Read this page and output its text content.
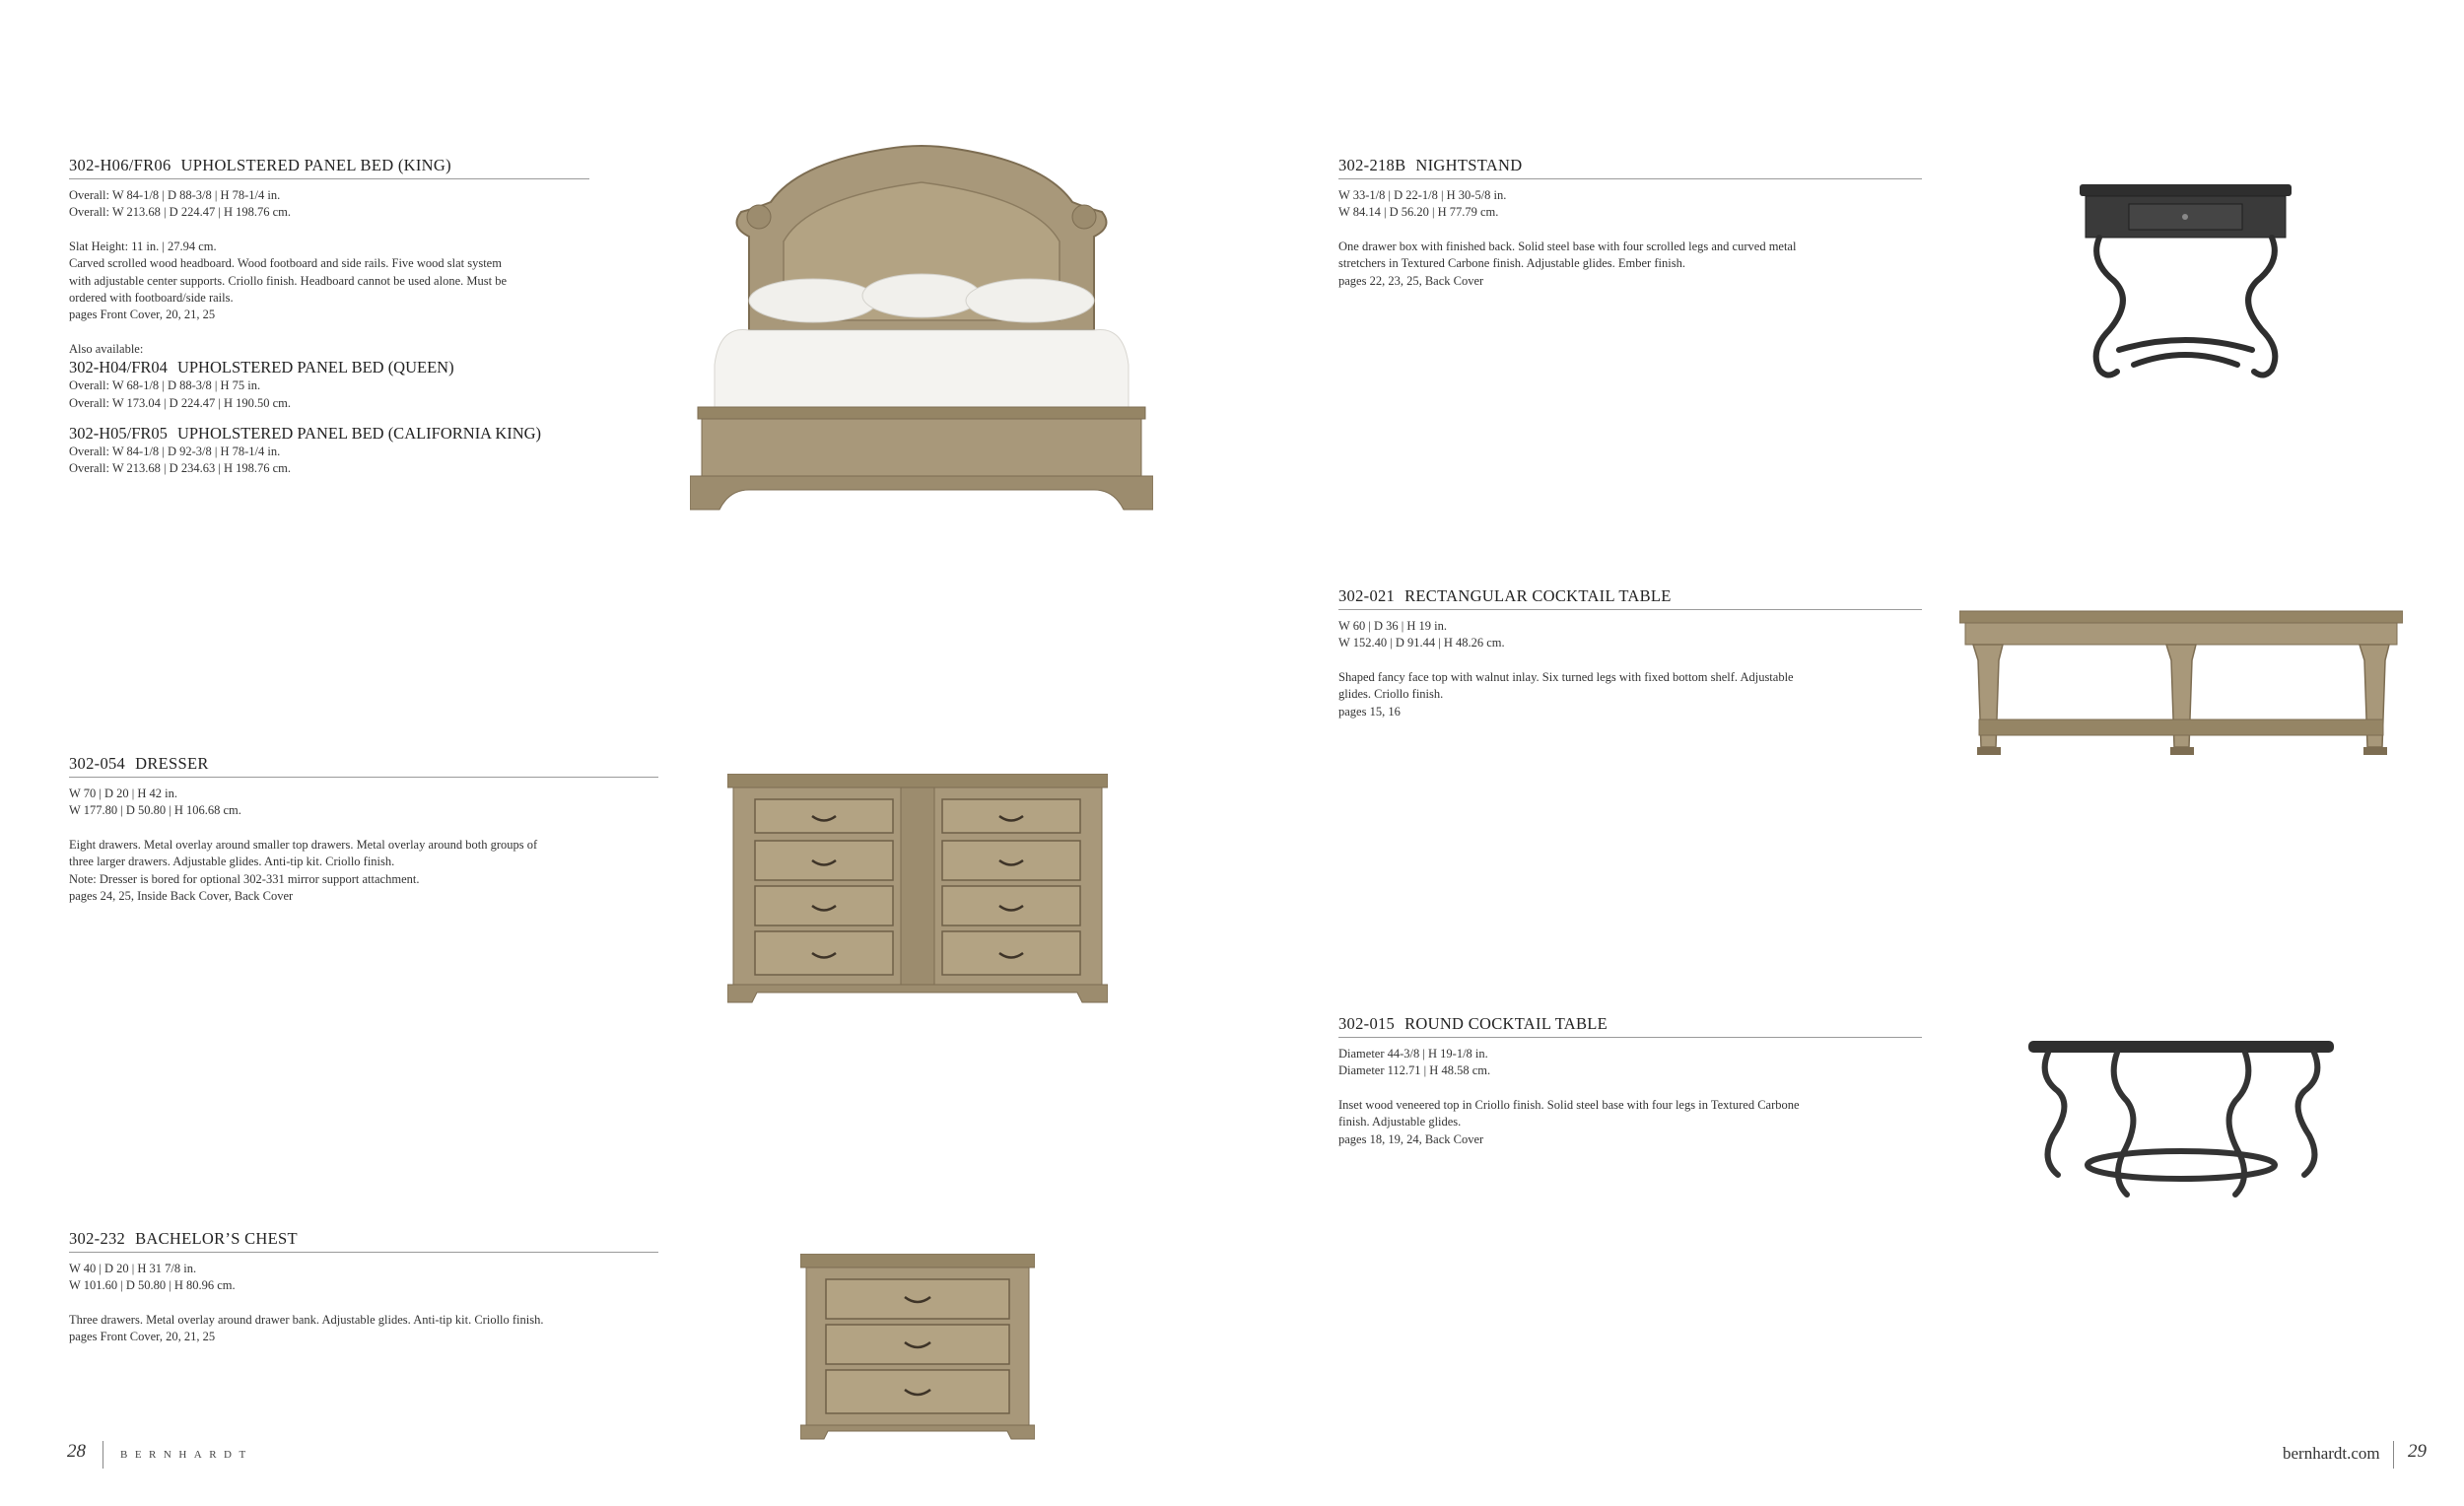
302-H06/FR06 UPHOLSTERED PANEL BED (KING)
Overall: W 84-1/8 | D 88-3/8 | H 78-1/4 in.
Overall: W 213.68 | D 224.47 | H 198.76 cm.
Slat Height: 11 in. | 27.94 cm.
Carved scrolled wood headboard. Wood footboard and side rails. Five wood slat system
with adjustable center supports. Criollo finish. Headboard cannot be used alone. Must be
ordered with footboard/side rails.
pages Front Cover, 20, 21, 25
Also available:
302-H04/FR04 UPHOLSTERED PANEL BED (QUEEN)
Overall: W 68-1/8 | D 88-3/8 | H 75 in.
Overall: W 173.04 | D 224.47 | H 190.50 cm.
302-H05/FR05 UPHOLSTERED PANEL BED (CALIFORNIA KING)
Overall: W 84-1/8 | D 92-3/8 | H 78-1/4 in.
Overall: W 213.68 | D 234.63 | H 198.76 cm.
302-054 DRESSER
W 70 | D 20 | H 42 in.
W 177.80 | D 50.80 | H 106.68 cm.
Eight drawers. Metal overlay around smaller top drawers. Metal overlay around both groups of
three larger drawers. Adjustable glides. Anti-tip kit. Criollo finish.
Note: Dresser is bored for optional 302-331 mirror support attachment.
pages 24, 25, Inside Back Cover, Back Cover
302-232 BACHELOR’S CHEST
W 40 | D 20 | H 31 7/8 in.
W 101.60 | D 50.80 | H 80.96 cm.
Three drawers. Metal overlay around drawer bank. Adjustable glides. Anti-tip kit. Criollo finish.
pages Front Cover, 20, 21, 25
28	BERNHARDT
302-218B NIGHTSTAND
W 33-1/8 | D 22-1/8 | H 30-5/8 in.
W 84.14 | D 56.20 | H 77.79 cm.
One drawer box with finished back. Solid steel base with four scrolled legs and curved metal
stretchers in Textured Carbone finish. Adjustable glides. Ember finish.
pages 22, 23, 25, Back Cover
302-021 RECTANGULAR COCKTAIL TABLE
W 60 | D 36 | H 19 in.
W 152.40 | D 91.44 | H 48.26 cm.
Shaped fancy face top with walnut inlay. Six turned legs with fixed bottom shelf. Adjustable
glides. Criollo finish.
pages 15, 16
302-015 ROUND COCKTAIL TABLE
Diameter 44-3/8 | H 19-1/8 in.
Diameter 112.71 | H 48.58 cm.
Inset wood veneered top in Criollo finish. Solid steel base with four legs in Textured Carbone
finish. Adjustable glides.
pages 18, 19, 24, Back Cover
bernhardt.com 29
